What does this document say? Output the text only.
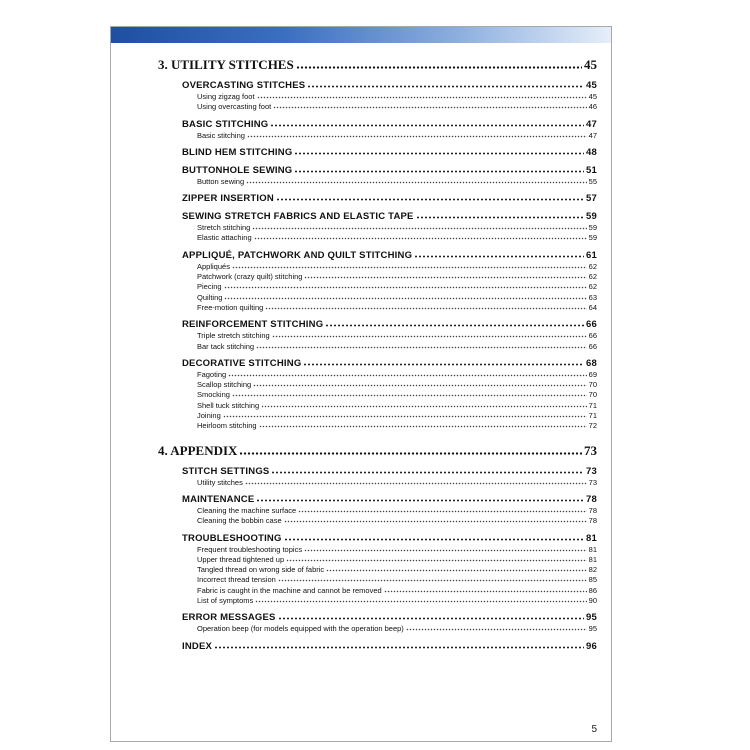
3. UTILITY STITCHES	45
OVERCASTING STITCHES	45
Using zigzag foot	45
Using overcasting foot	46
BASIC STITCHING	47
Basic stitching	47
BLIND HEM STITCHING	48
BUTTONHOLE SEWING	51
Button sewing	55
ZIPPER INSERTION	57
SEWING STRETCH FABRICS AND ELASTIC TAPE	59
Stretch stitching	59
Elastic attaching	59
APPLIQUÉ, PATCHWORK AND QUILT STITCHING	61
Appliqués	62
Patchwork (crazy quilt) stitching	62
Piecing	62
Quilting	63
Free-motion quilting	64
REINFORCEMENT STITCHING	66
Triple stretch stitching	66
Bar tack stitching	66
DECORATIVE STITCHING	68
Fagoting	69
Scallop stitching	70
Smocking	70
Shell tuck stitching	71
Joining	71
Heirloom stitching	72
4. APPENDIX	73
STITCH SETTINGS	73
Utility stitches	73
MAINTENANCE	78
Cleaning the machine surface	78
Cleaning the bobbin case	78
TROUBLESHOOTING	81
Frequent troubleshooting topics	81
Upper thread tightened up	81
Tangled thread on wrong side of fabric	82
Incorrect thread tension	85
Fabric is caught in the machine and cannot be removed	86
List of symptoms	90
ERROR MESSAGES	95
Operation beep (for models equipped with the operation beep)	95
INDEX	96
5
